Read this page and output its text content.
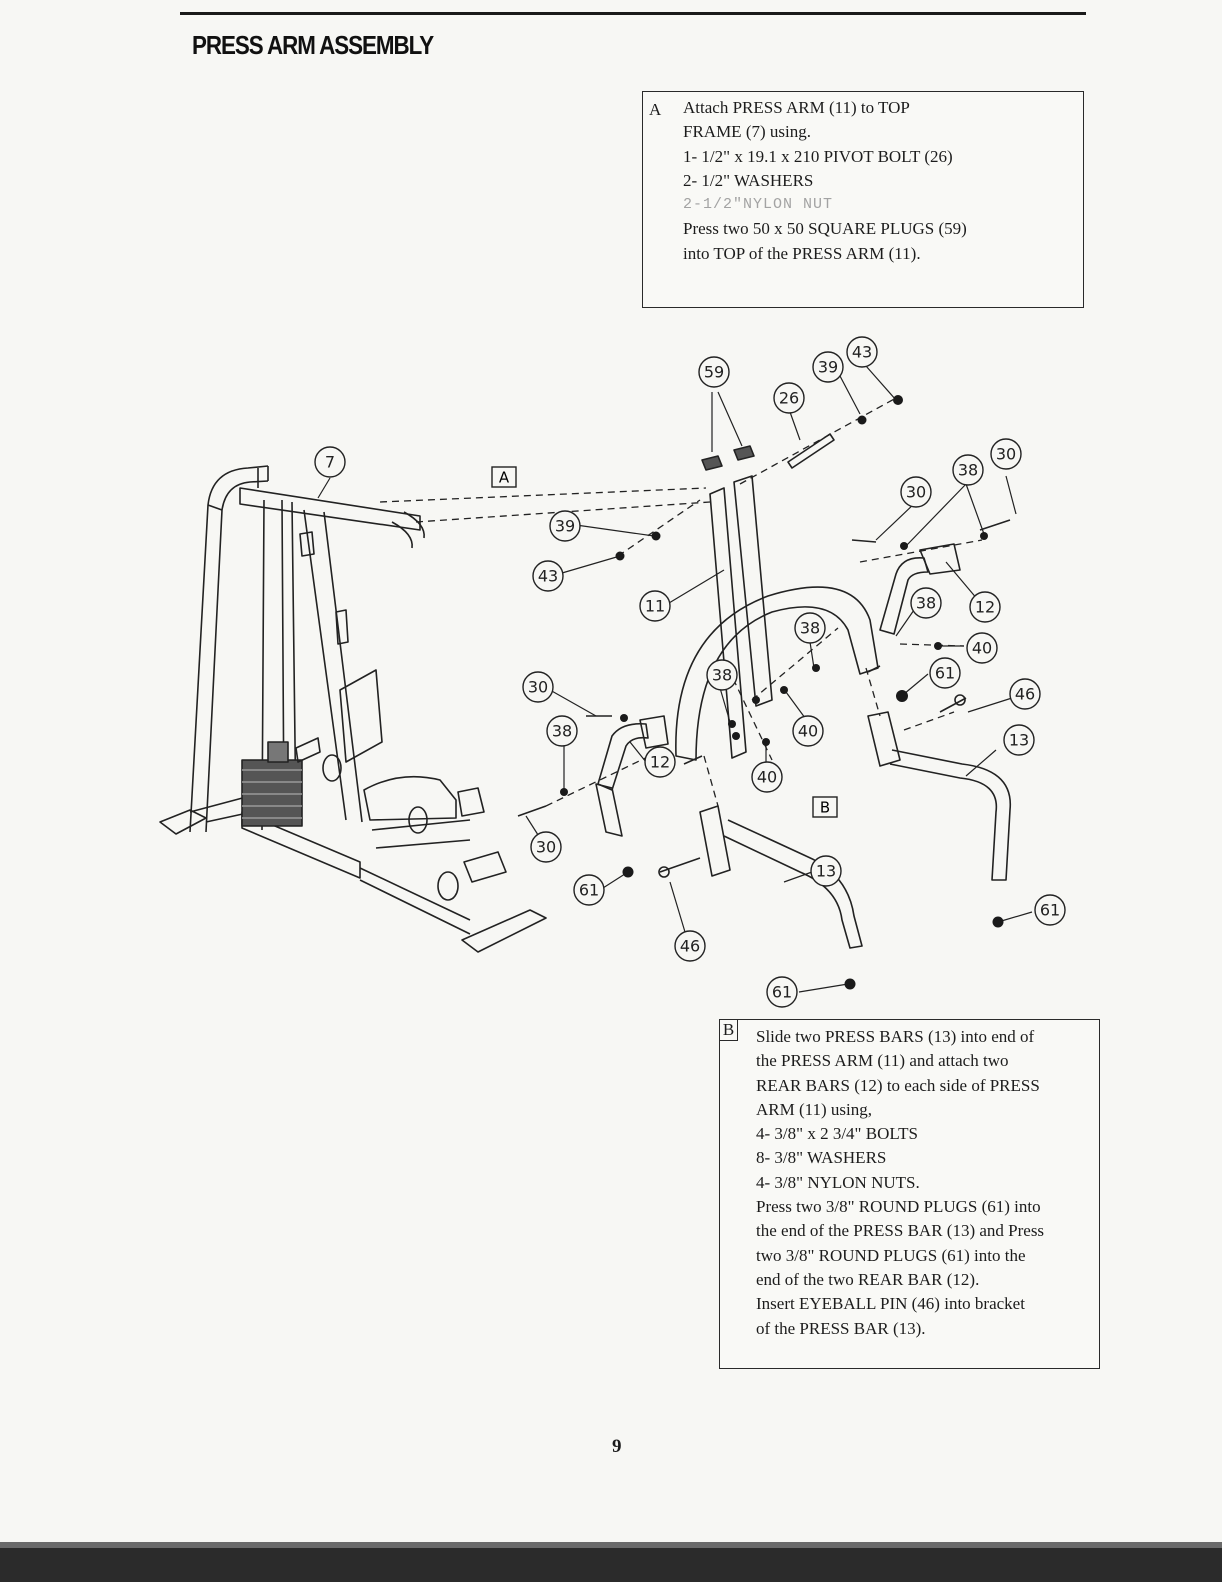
PRESS ARM ASSEMBLY
A Attach PRESS ARM (11) to TOP
FRAME (7) using.
1- 1/2" x 19.1 x 210 PIVOT BOLT (26)
2- 1/2" WASHERS
2-1/2"NYLON NUT
Press two 50 x 50 SQUARE PLUGS (59)
into TOP of the PRESS ARM (11).
B Slide two PRESS BARS (13) into end of
the PRESS ARM (11) and attach two
REAR BARS (12) to each side of PRESS
ARM (11) using,
4- 3/8" x 2 3/4" BOLTS
8- 3/8" WASHERS
4- 3/8" NYLON NUTS.
Press two 3/8" ROUND PLUGS (61) into
the end of the PRESS BAR (13) and Press
two 3/8" ROUND PLUGS (61) into the
end of the two REAR BAR (12).
Insert EYEBALL PIN (46) into bracket
of the PRESS BAR (13).
A
B
59
26
39
43
7	30
38
30
39
43
11
38
12
38
40
61
38
30	46
38	40	13
12
40
30
61
13
61
46
61
9
